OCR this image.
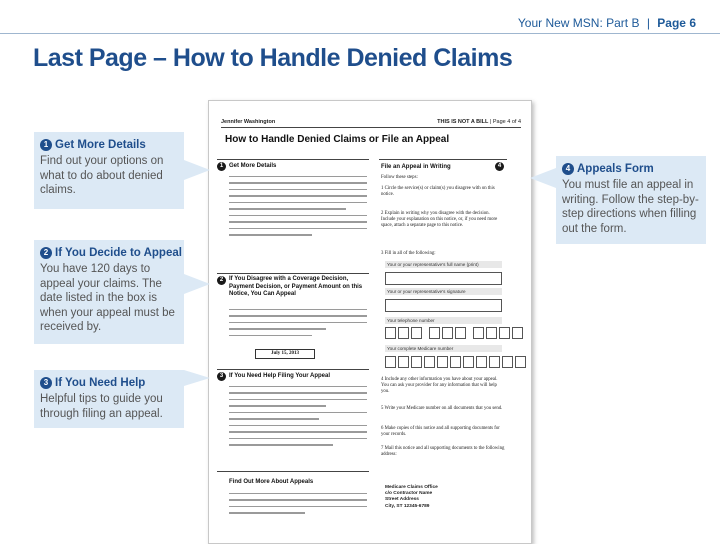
Your New MSN: Part B | Page 6
Last Page – How to Handle Denied Claims
Jennifer Washington	THIS IS NOT A BILL | Page 4 of 4
How to Handle Denied Claims or File an Appeal
1 Get More Details
2 If You Disagree with a Coverage Decision, Payment Decision, or Payment Amount on this Notice, You Can Appeal
July 15, 2013
3 If You Need Help Filing Your Appeal
Find Out More About Appeals
File an Appeal in Writing	4
Follow these steps:
1 Circle the service(s) or claim(s) you disagree with on this notice.
2 Explain in writing why you disagree with the decision. Include your explanation on this notice, or, if you need more space, attach a separate page to this notice.
3 Fill in all of the following:
Your or your representative's full name (print)
Your or your representative's signature
Your telephone number
Your complete Medicare number
4 Include any other information you have about your appeal. You can ask your provider for any information that will help you.
5 Write your Medicare number on all documents that you send.
6 Make copies of this notice and all supporting documents for your records.
7 Mail this notice and all supporting documents to the following address:
Medicare Claims Office
c/o Contractor Name
Street Address
City, ST 12345-6789
1 Get More Details
Find out your options on what to do about denied claims.
2 If You Decide to Appeal
You have 120 days to appeal your claims. The date listed in the box is when your appeal must be received by.
3 If You Need Help
Helpful tips to guide you through filing an appeal.
4 Appeals Form
You must file an appeal in writing. Follow the step-by-step directions when filling out the form.
